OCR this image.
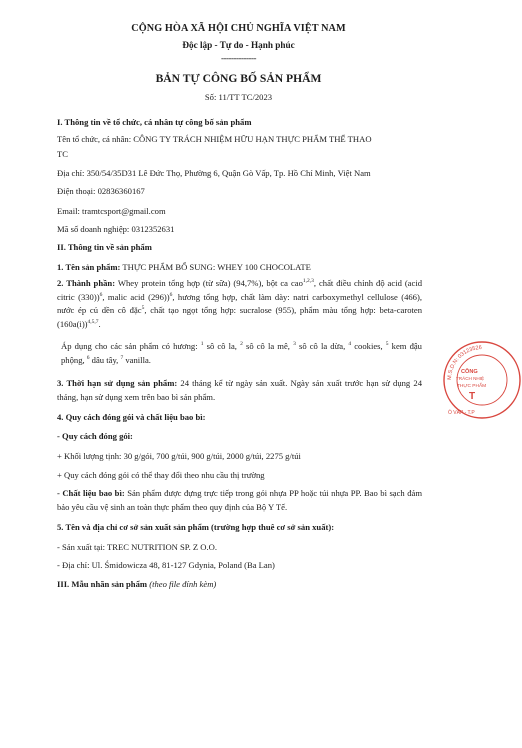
CỘNG HÒA XÃ HỘI CHỦ NGHĨA VIỆT NAM
Độc lập - Tự do - Hạnh phúc
--------------
BẢN TỰ CÔNG BỐ SẢN PHẨM
Số: 11/TT TC/2023
I. Thông tin về tổ chức, cá nhân tự công bố sản phẩm
Tên tổ chức, cá nhân: CÔNG TY TRÁCH NHIỆM HỮU HẠN THỰC PHẨM THỂ THAO
TC
Địa chỉ: 350/54/35D31 Lê Đức Thọ, Phường 6, Quận Gò Vấp, Tp. Hồ Chí Minh, Việt Nam
Điện thoại: 02836360167
Email: tramtcsport@gmail.com
Mã số doanh nghiệp: 0312352631
II. Thông tin về sản phẩm
1. Tên sản phẩm: THỰC PHẨM BỔ SUNG: WHEY 100 CHOCOLATE
2. Thành phần: Whey protein tổng hợp (từ sữa) (94,7%), bột ca cao$^{1,2,3}$, chất điều chỉnh độ acid (acid citric (330))$^6$, malic acid (296))$^6$, hương tổng hợp, chất làm dày: natri carboxymethyl cellulose (466), nước ép củ dền cô đặc$^5$, chất tạo ngọt tổng hợp: sucralose (955), phẩm màu tổng hợp: beta-caroten $(160a(i))^{4,5,7}$.
Áp dụng cho các sản phẩm có hương: $^1$ sô cô la, $^2$ sô cô la mê, $^3$ sô cô la dừa, $^4$ cookies, $^5$ kem đậu phộng, $^6$ dâu tây, $^7$ vanilla.
3. Thời hạn sử dụng sản phẩm: 24 tháng kể từ ngày sản xuất. Ngày sản xuất trước hạn sử dụng 24 tháng, hạn sử dụng xem trên bao bì sản phẩm.
4. Quy cách đóng gói và chất liệu bao bì:
- Quy cách đóng gói:
+ Khối lượng tịnh: 30 g/gói, 700 g/túi, 900 g/túi, 2000 g/túi, 2275 g/túi
+ Quy cách đóng gói có thể thay đổi theo nhu cầu thị trường
- Chất liệu bao bì: Sản phẩm được đựng trực tiếp trong gói nhựa PP hoặc túi nhựa PP. Bao bì sạch đảm bảo yêu cầu vệ sinh an toàn thực phẩm theo quy định của Bộ Y Tế.
5. Tên và địa chỉ cơ sở sản xuất sản phẩm (trường hợp thuê cơ sở sản xuất):
- Sản xuất tại: TREC NUTRITION SP. Z O.O.
- Địa chỉ: Ul. Śmidowicza 48, 81-127 Gdynia, Poland (Ba Lan)
III. Mẫu nhãn sản phẩm (theo file đính kèm)
M.S.D.N: 03123526
CÔNG
TRÁCH NHIỆ
THỰC PHẨM
T
Ò VẤP - T.P
